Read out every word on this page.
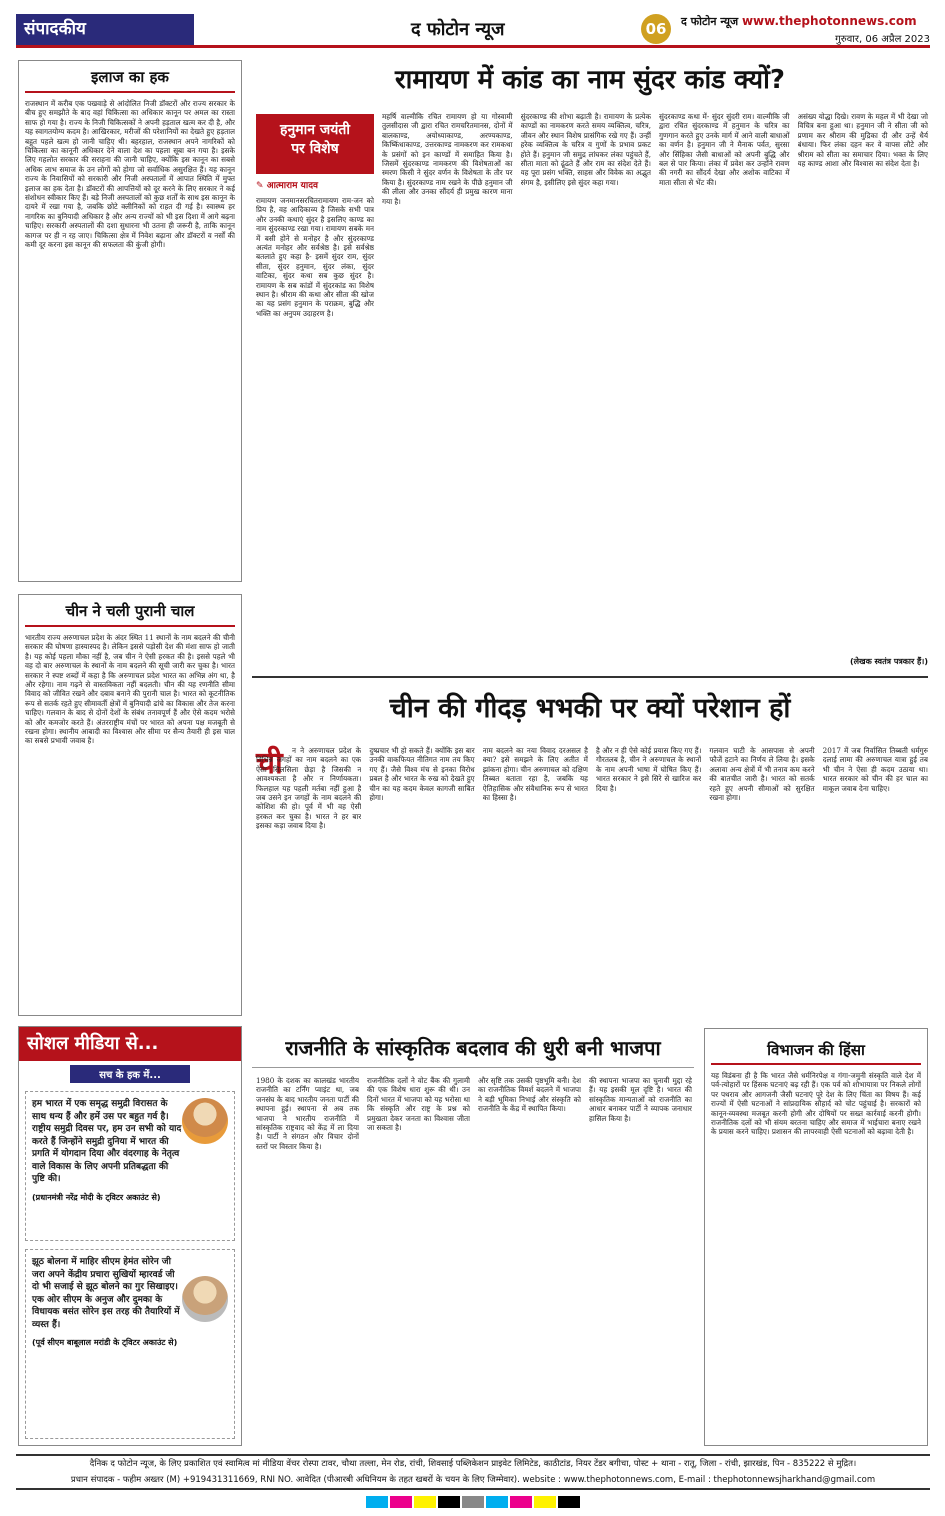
संपादकीय	द फोटोन न्यूज	06	द फोटोन न्यूज www.thephotonnews.com
गुरुवार, 06 अप्रैल 2023
इलाज का हक
राजस्थान में करीब एक पखवाड़े से आंदोलित निजी डॉक्टरों और राज्य सरकार के बीच हुए समझौते के बाद वहां चिकित्सा का अधिकार कानून पर अमल का रास्ता साफ हो गया है। राज्य के निजी चिकित्सकों ने अपनी हड़ताल खत्म कर दी है, और यह स्वागतयोग्य कदम है। आखिरकार, मरीजों की परेशानियों का देखते हुए हड़ताल बहुत पहले खत्म हो जानी चाहिए थी। बहरहाल, राजस्थान अपने नागरिकों को चिकित्सा का कानूनी अधिकार देने वाला देश का पहला सूबा बन गया है। इसके लिए गहलोत सरकार की सराहना की जानी चाहिए, क्योंकि इस कानून का सबसे अधिक लाभ समाज के उन लोगों को होगा जो सर्वाधिक असुरक्षित हैं। यह कानून राज्य के निवासियों को सरकारी और निजी अस्पतालों में आपात स्थिति में मुफ्त इलाज का हक देता है। डॉक्टरों की आपत्तियों को दूर करने के लिए सरकार ने कई संशोधन स्वीकार किए हैं। बड़े निजी अस्पतालों को कुछ शर्तों के साथ इस कानून के दायरे में रखा गया है, जबकि छोटे क्लीनिकों को राहत दी गई है। स्वास्थ्य हर नागरिक का बुनियादी अधिकार है और अन्य राज्यों को भी इस दिशा में आगे बढ़ना चाहिए। सरकारी अस्पतालों की दशा सुधारना भी उतना ही जरूरी है, ताकि कानून कागज पर ही न रह जाए। चिकित्सा क्षेत्र में निवेश बढ़ाना और डॉक्टरों व नर्सों की कमी दूर करना इस कानून की सफलता की कुंजी होगी।
चीन ने चली पुरानी चाल
भारतीय राज्य अरुणाचल प्रदेश के अंदर स्थित 11 स्थानों के नाम बदलने की चीनी सरकार की घोषणा हास्यास्पद है। लेकिन इससे पड़ोसी देश की मंशा साफ हो जाती है। यह कोई पहला मौका नहीं है, जब चीन ने ऐसी हरकत की है। इससे पहले भी वह दो बार अरुणाचल के स्थानों के नाम बदलने की सूची जारी कर चुका है। भारत सरकार ने स्पष्ट शब्दों में कहा है कि अरुणाचल प्रदेश भारत का अभिन्न अंग था, है और रहेगा। नाम गढ़ने से वास्तविकता नहीं बदलती। चीन की यह रणनीति सीमा विवाद को जीवित रखने और दबाव बनाने की पुरानी चाल है। भारत को कूटनीतिक रूप से सतर्क रहते हुए सीमावर्ती क्षेत्रों में बुनियादी ढांचे का विकास और तेज करना चाहिए। गलवान के बाद से दोनों देशों के संबंध तनावपूर्ण हैं और ऐसे कदम भरोसे को और कमजोर करते हैं। अंतरराष्ट्रीय मंचों पर भारत को अपना पक्ष मजबूती से रखना होगा। स्थानीय आबादी का विश्वास और सीमा पर सैन्य तैयारी ही इस चाल का सबसे प्रभावी जवाब है।
रामायण में कांड का नाम सुंदर कांड क्यों?
हनुमान जयंती
पर विशेष
✎ आत्माराम यादव
रामायण जनमानसरचितरामायण राम-जन को प्रिय है, वह आदिकाव्य है जिसके सभी पात्र और उनकी कथाएं सुंदर है इसलिए काण्ड का नाम सुंदरकाण्ड रखा गया। रामायण सबके मन में बसी होने से मनोहर है और सुंदरकाण्ड अत्यंत मनोहर और सर्वश्रेष्ठ है। इसे सर्वश्रेष्ठ बतलाते हुए कहा है- इसमें सुंदर राम, सुंदर सीता, सुंदर हनुमान, सुंदर लंका, सुंदर वाटिका, सुंदर कथा सब कुछ सुंदर है। रामायण के सब कांडों में सुंदरकांड का विशेष स्थान है। श्रीराम की कथा और सीता की खोज का यह प्रसंग हनुमान के पराक्रम, बुद्धि और भक्ति का अनुपम उदाहरण है।
महर्षि वाल्मीकि रचित रामायण हो या गोस्वामी तुलसीदास जी द्वारा रचित रामचरितमानस, दोनों में बालकाण्ड, अयोध्याकाण्ड, अरण्यकाण्ड, किष्किंधाकाण्ड, उत्तरकाण्ड नामकरण कर रामकथा के प्रसंगों को इन काण्डों में समाहित किया है। जिसमें सुंदरकाण्ड नामकरण की विशेषताओं का स्मरण किसी ने सुंदर वर्णन के विशेषता के तौर पर किया है। सुंदरकाण्ड नाम रखने के पीछे हनुमान जी की लीला और उनका सौंदर्य ही प्रमुख कारण माना गया है।
सुंदरकाण्ड की शोभा बढ़ाती है। रामायण के प्रत्येक काण्डों का नामकरण करते समय व्यक्तित्व, चरित्र, जीवन और स्थान विशेष प्रासंगिक रखे गए हैं। उन्हीं हरेक व्यक्तित्व के चरित्र व गुणों के प्रभाव प्रकट होते हैं। हनुमान जी समुद्र लांघकर लंका पहुंचते हैं, सीता माता को ढूंढते हैं और राम का संदेश देते हैं। यह पूरा प्रसंग भक्ति, साहस और विवेक का अद्भुत संगम है, इसीलिए इसे सुंदर कहा गया।
सुंदरकाण्ड कथा में- सुंदर सुंदरी राम। वाल्मीकि जी द्वारा रचित सुंदरकाण्ड में हनुमान के चरित्र का गुणगान करते हुए उनके मार्ग में आने वाली बाधाओं का वर्णन है। हनुमान जी ने मैनाक पर्वत, सुरसा और सिंहिका जैसी बाधाओं को अपनी बुद्धि और बल से पार किया। लंका में प्रवेश कर उन्होंने रावण की नगरी का सौंदर्य देखा और अशोक वाटिका में माता सीता से भेंट की।
असंख्य योद्धा दिखे। रावण के महल में भी देखा जो विचित्र बना हुआ था। हनुमान जी ने सीता जी को प्रणाम कर श्रीराम की मुद्रिका दी और उन्हें धैर्य बंधाया। फिर लंका दहन कर वे वापस लौटे और श्रीराम को सीता का समाचार दिया। भक्त के लिए यह काण्ड आशा और विश्वास का संदेश देता है।
(लेखक स्वतंत्र पत्रकार हैं।)
चीन की गीदड़ भभकी पर क्यों परेशान हों
ची	न ने अरुणाचल प्रदेश के विभिन्न जगहों का नाम बदलने का एक ऐसा सिलसिला छेड़ा है जिसकी न आवश्यकता है और न निर्णायकता। फिलहाल यह पहली मर्तबा नहीं हुआ है जब उसने इन जगहों के नाम बदलने की कोशिश की हो। पूर्व में भी वह ऐसी हरकत कर चुका है। भारत ने हर बार इसका कड़ा जवाब दिया है।
दुष्प्रचार भी हो सकते हैं। क्योंकि इस बार उनकी वाकफियत नीतिगत नाम तय किए गए हैं। जैसे विश्व मंच से इनका विरोध प्रबल है और भारत के रुख को देखते हुए चीन का यह कदम केवल कागजी साबित होगा।
नाम बदलने का नया विवाद दरअसल है क्या? इसे समझने के लिए अतीत में झांकना होगा। चीन अरुणाचल को दक्षिण तिब्बत बताता रहा है, जबकि यह ऐतिहासिक और संवैधानिक रूप से भारत का हिस्सा है।
है और न ही ऐसे कोई प्रयास किए गए हैं। गौरतलब है, चीन ने अरुणाचल के स्थानों के नाम अपनी भाषा में घोषित किए हैं। भारत सरकार ने इसे सिरे से खारिज कर दिया है।
गलवान घाटी के आसपास से अपनी फौजें हटाने का निर्णय ले लिया है। इसके अलावा अन्य क्षेत्रों में भी तनाव कम करने की बातचीत जारी है। भारत को सतर्क रहते हुए अपनी सीमाओं को सुरक्षित रखना होगा।
2017 में जब निर्वासित तिब्बती धर्मगुरु दलाई लामा की अरुणाचल यात्रा हुई तब भी चीन ने ऐसा ही कदम उठाया था। भारत सरकार को चीन की हर चाल का माकूल जवाब देना चाहिए।
सोशल मीडिया से...
सच के हक में...
हम भारत में एक समृद्ध समुद्री विरासत के साथ धन्य हैं और हमें उस पर बहुत गर्व है। राष्ट्रीय समुद्री दिवस पर, हम उन सभी को याद करते हैं जिन्होंने समुद्री दुनिया में भारत की प्रगति में योगदान दिया और वंदरगाह के नेतृत्व वाले विकास के लिए अपनी प्रतिबद्धता की पुष्टि की।
(प्रधानमंत्री नरेंद्र मोदी के ट्विटर अकाउंट से)
झूठ बोलना में माहिर सीएम हेमंत सोरेन जी जरा अपने केंद्रीय प्रचारा सुखियों म्हारवर्ड जी दो भी सजाई से झूठ बोलने का गुर सिखाइए। एक ओर सीएम के अनुज और दुमका के विधायक बसंत सोरेन इस तरह की तैयारियों में व्यस्त हैं।
(पूर्व सीएम बाबूलाल मरांडी के ट्विटर अकाउंट से)
राजनीति के सांस्कृतिक बदलाव की धुरी बनी भाजपा
1980 के दशक का कालखंड भारतीय राजनीति का टर्निंग प्वाइंट था, जब जनसंघ के बाद भारतीय जनता पार्टी की स्थापना हुई। स्थापना से अब तक भाजपा ने भारतीय राजनीति में सांस्कृतिक राष्ट्रवाद को केंद्र में ला दिया है। पार्टी ने संगठन और विचार दोनों स्तरों पर विस्तार किया है।
राजनीतिक दलों ने वोट बैंक की गुलामी की एक विशेष धारा शुरू की थी। उन दिनों भारत में भाजपा को यह भरोसा था कि संस्कृति और राष्ट्र के प्रश्न को प्रमुखता देकर जनता का विश्वास जीता जा सकता है।
और सृष्टि तक उसकी पृष्ठभूमि बनी। देश का राजनीतिक विमर्श बदलने में भाजपा ने बड़ी भूमिका निभाई और संस्कृति को राजनीति के केंद्र में स्थापित किया।
की स्थापना भाजपा का चुनावी मुद्दा रहे हैं। यह इसकी मूल दृष्टि है। भारत की सांस्कृतिक मान्यताओं को राजनीति का आधार बनाकर पार्टी ने व्यापक जनाधार हासिल किया है।
विभाजन की हिंसा
यह विडंबना ही है कि भारत जैसे धर्मनिरपेक्ष व गंगा-जमुनी संस्कृति वाले देश में पर्व-त्योहारों पर हिंसक घटनाएं बढ़ रही हैं। एक पर्व को शोभायात्रा पर निकले लोगों पर पथराव और आगजनी जैसी घटनाएं पूरे देश के लिए चिंता का विषय हैं। कई राज्यों में ऐसी घटनाओं ने सांप्रदायिक सौहार्द को चोट पहुंचाई है। सरकारों को कानून-व्यवस्था मजबूत करनी होगी और दोषियों पर सख्त कार्रवाई करनी होगी। राजनीतिक दलों को भी संयम बरतना चाहिए और समाज में भाईचारा बनाए रखने के प्रयास करने चाहिए। प्रशासन की लापरवाही ऐसी घटनाओं को बढ़ावा देती है।
दैनिक द फोटोन न्यूज, के लिए प्रकाशित एवं स्वामित्व मां मीडिया वेंचर रोस्पा टावर, चौथा तल्ला, मेन रोड, रांची, शिवसाई पब्लिकेशन प्राइवेट लिमिटेड, काठीटांड, नियर टेंडर बगीचा, पोस्ट + थाना - रातू, जिला - रांची, झारखंड, पिन - 835222 से मुद्रित।
प्रधान संपादक - फहीम अख्तर (M) +919431311669, RNI NO. आवेदित (पीआरबी अधिनियम के तहत खबरों के चयन के लिए जिम्मेवार). website : www.thephotonnews.com, E-mail : thephotonnewsjharkhand@gmail.com
